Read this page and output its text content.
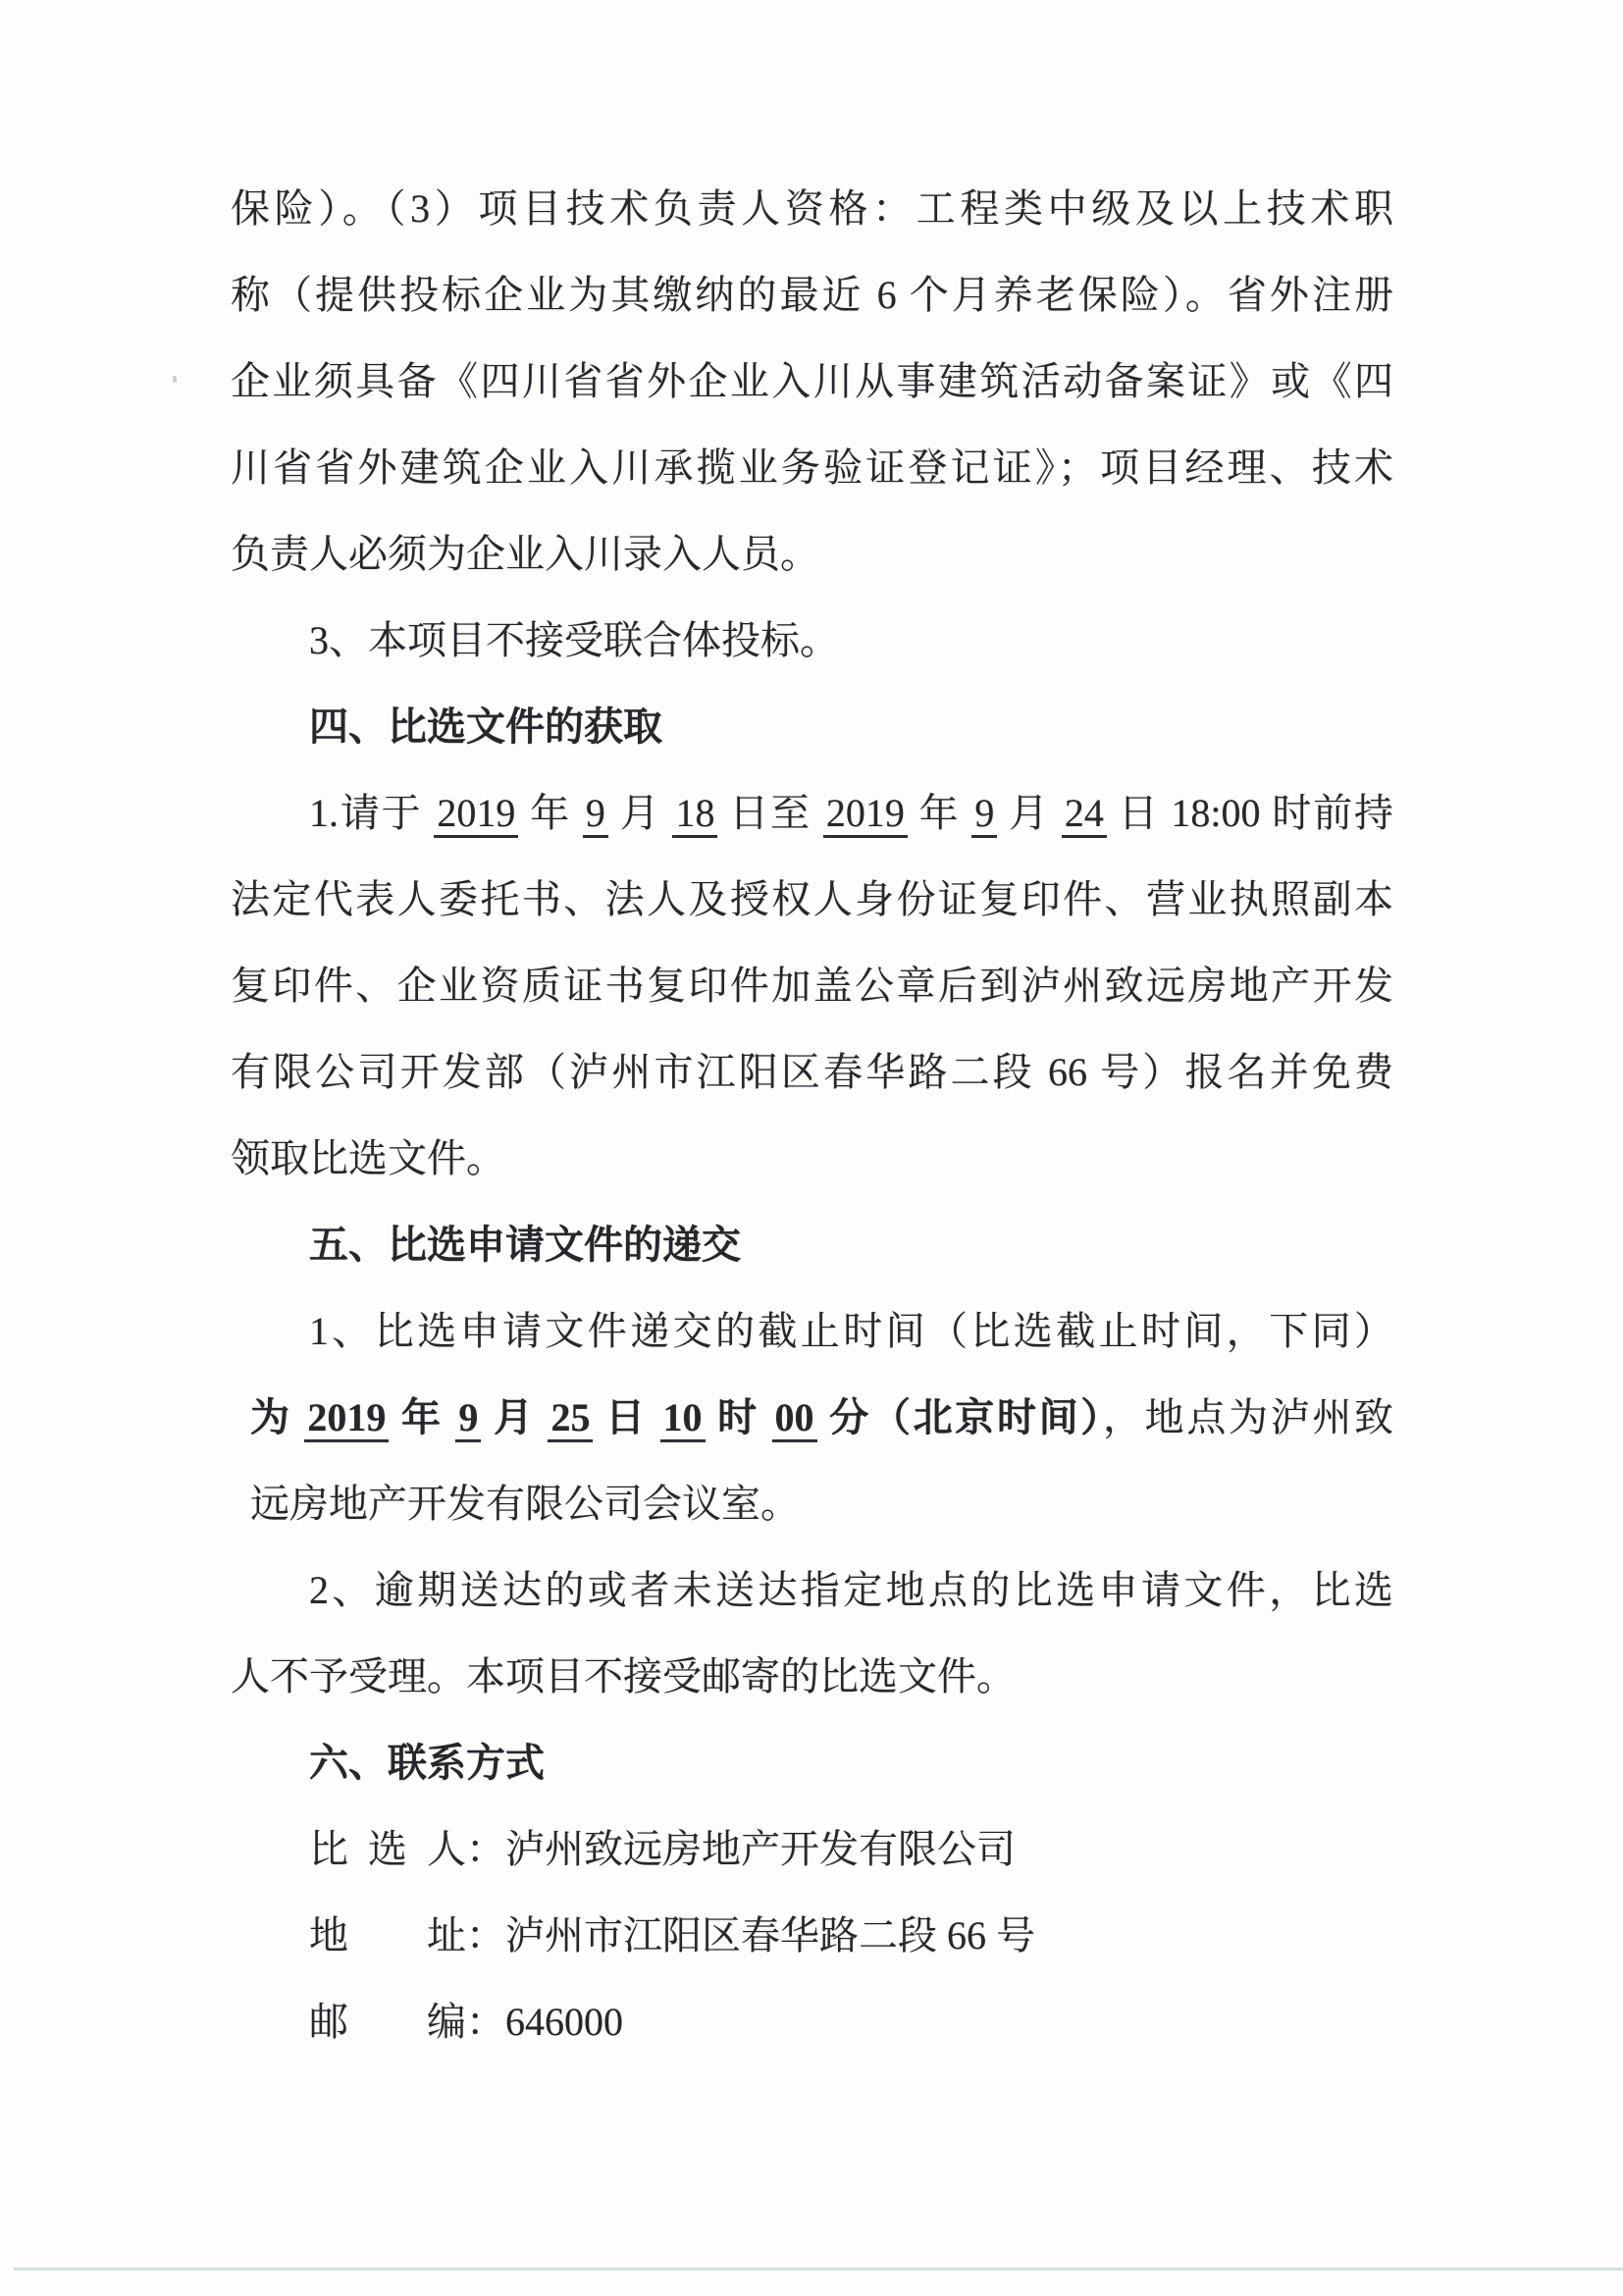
保险）。（3）项目技术负责人资格：工程类中级及以上技术职
称（提供投标企业为其缴纳的最近 6 个月养老保险）。省外注册
企业须具备《四川省省外企业入川从事建筑活动备案证》或《四
川省省外建筑企业入川承揽业务验证登记证》；项目经理、技术
负责人必须为企业入川录入人员。
3、本项目不接受联合体投标。
四、比选文件的获取
1.请于 2019 年 9 月 18 日至 2019 年 9 月 24 日 18:00 时前持
法定代表人委托书、法人及授权人身份证复印件、营业执照副本
复印件、企业资质证书复印件加盖公章后到泸州致远房地产开发
有限公司开发部（泸州市江阳区春华路二段 66 号）报名并免费
领取比选文件。
五、比选申请文件的递交
1、比选申请文件递交的截止时间（比选截止时间，下同）
为 2019 年 9 月 25 日 10 时 00 分（北京时间），地点为泸州致
远房地产开发有限公司会议室。
2、逾期送达的或者未送达指定地点的比选申请文件，比选
人不予受理。本项目不接受邮寄的比选文件。
六、联系方式
比选人：泸州致远房地产开发有限公司
地址：泸州市江阳区春华路二段 66 号
邮编：646000
